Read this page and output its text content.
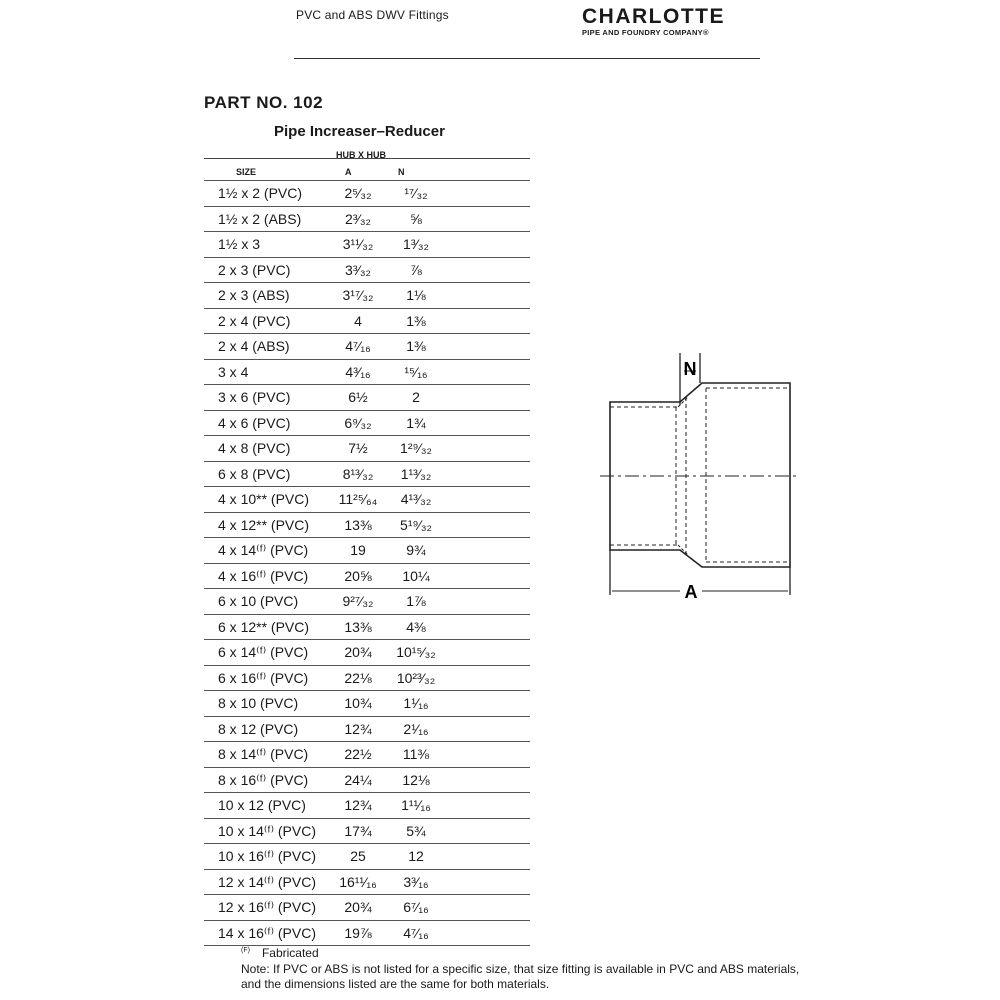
PVC and ABS DWV Fittings	CHARLOTTE
PIPE AND FOUNDRY COMPANY®
PART NO. 102
Pipe Increaser–Reducer
HUB X HUB
SIZE	A	N
1½ x 2 (PVC)	2⁵⁄₃₂	¹⁷⁄₃₂
1½ x 2 (ABS)	2³⁄₃₂	⅝
1½ x 3	3¹¹⁄₃₂	1³⁄₃₂
2 x 3 (PVC)	3³⁄₃₂	⅞
2 x 3 (ABS)	3¹⁷⁄₃₂	1⅛
2 x 4 (PVC)	4	1⅜
2 x 4 (ABS)	4⁷⁄₁₆	1⅜
3 x 4	4³⁄₁₆	¹⁵⁄₁₆
3 x 6 (PVC)	6½	2
4 x 6 (PVC)	6⁹⁄₃₂	1¾
4 x 8 (PVC)	7½	1²⁹⁄₃₂
6 x 8 (PVC)	8¹³⁄₃₂	1¹³⁄₃₂
4 x 10** (PVC)	11²⁵⁄₆₄	4¹³⁄₃₂
4 x 12** (PVC)	13⅜	5¹⁹⁄₃₂
4 x 14⁽ᶠ⁾ (PVC)	19	9¾
4 x 16⁽ᶠ⁾ (PVC)	20⅝	10¼
6 x 10 (PVC)	9²⁷⁄₃₂	1⅞
6 x 12** (PVC)	13⅜	4⅜
6 x 14⁽ᶠ⁾ (PVC)	20¾	10¹⁵⁄₃₂
6 x 16⁽ᶠ⁾ (PVC)	22⅛	10²³⁄₃₂
8 x 10 (PVC)	10¾	1¹⁄₁₆
8 x 12 (PVC)	12¾	2¹⁄₁₆
8 x 14⁽ᶠ⁾ (PVC)	22½	11⅜
8 x 16⁽ᶠ⁾ (PVC)	24¼	12⅛
10 x 12 (PVC)	12¾	1¹¹⁄₁₆
10 x 14⁽ᶠ⁾ (PVC)	17¾	5¾
10 x 16⁽ᶠ⁾ (PVC)	25	12
12 x 14⁽ᶠ⁾ (PVC)	16¹¹⁄₁₆	3³⁄₁₆
12 x 16⁽ᶠ⁾ (PVC)	20¾	6⁷⁄₁₆
14 x 16⁽ᶠ⁾ (PVC)	19⅞	4⁷⁄₁₆
$^{(F)}$ Fabricated
Note: If PVC or ABS is not listed for a specific size, that size fitting is available in PVC and ABS materials, and the dimensions listed are the same for both materials.
N
A
